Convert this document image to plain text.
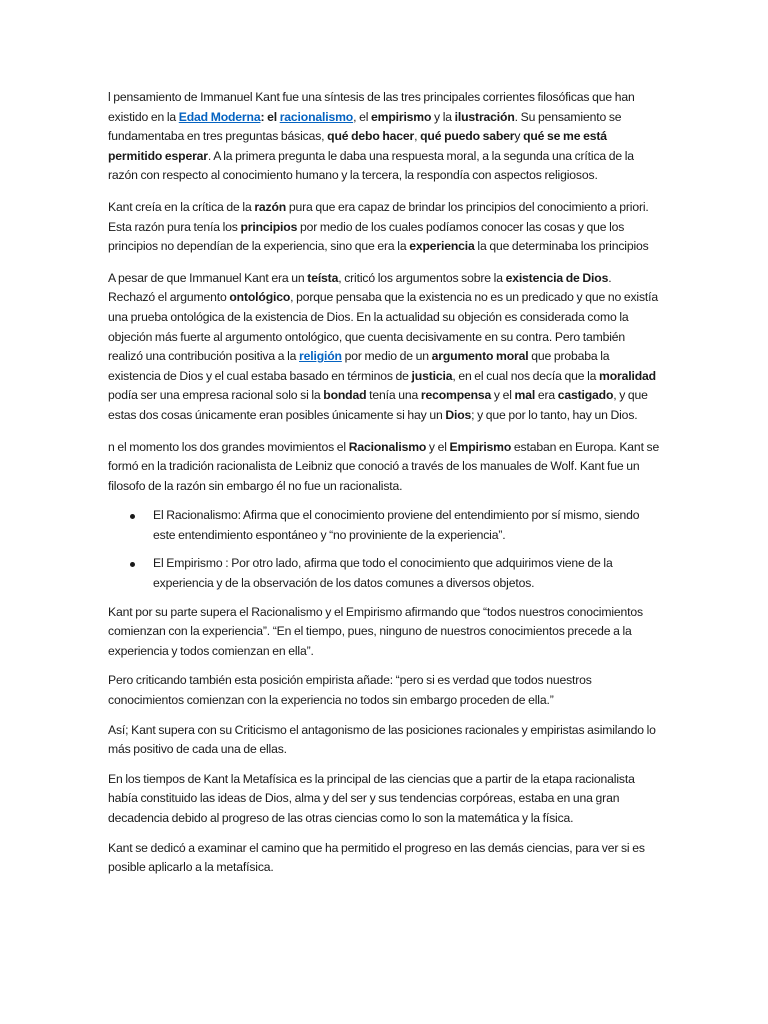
l pensamiento de Immanuel Kant fue una síntesis de las tres principales corrientes filosóficas que han existido en la Edad Moderna: el racionalismo, el empirismo y la ilustración. Su pensamiento se fundamentaba en tres preguntas básicas, qué debo hacer, qué puedo sabery qué se me está permitido esperar. A la primera pregunta le daba una respuesta moral, a la segunda una crítica de la razón con respecto al conocimiento humano y la tercera, la respondía con aspectos religiosos.

Kant creía en la crítica de la razón pura que era capaz de brindar los principios del conocimiento a priori. Esta razón pura tenía los principios por medio de los cuales podíamos conocer las cosas y que los principios no dependían de la experiencia, sino que era la experiencia la que determinaba los principios

A pesar de que Immanuel Kant era un teísta, criticó los argumentos sobre la existencia de Dios. Rechazó el argumento ontológico, porque pensaba que la existencia no es un predicado y que no existía una prueba ontológica de la existencia de Dios. En la actualidad su objeción es considerada como la objeción más fuerte al argumento ontológico, que cuenta decisivamente en su contra. Pero también realizó una contribución positiva a la religión por medio de un argumento moral que probaba la existencia de Dios y el cual estaba basado en términos de justicia, en el cual nos decía que la moralidad podía ser una empresa racional solo si la bondad tenía una recompensa y el mal era castigado, y que estas dos cosas únicamente eran posibles únicamente si hay un Dios; y que por lo tanto, hay un Dios.

n el momento los dos grandes movimientos el Racionalismo y el Empirismo estaban en Europa. Kant se formó en la tradición racionalista de Leibniz que conoció a través de los manuales de Wolf. Kant fue un filosofo de la razón sin embargo él no fue un racionalista.

El Racionalismo: Afirma que el conocimiento proviene del entendimiento por sí mismo, siendo este entendimiento espontáneo y “no proviniente de la experiencia”.
El Empirismo : Por otro lado, afirma que todo el conocimiento que adquirimos viene de la experiencia y de la observación de los datos comunes a diversos objetos.

Kant por su parte supera el Racionalismo y el Empirismo afirmando que “todos nuestros conocimientos comienzan con la experiencia”. “En el tiempo, pues, ninguno de nuestros conocimientos precede a la experiencia y todos comienzan en ella”.

Pero criticando también esta posición empirista añade: “pero si es verdad que todos nuestros conocimientos comienzan con la experiencia no todos sin embargo proceden de ella.”

Así; Kant supera con su Criticismo el antagonismo de las posiciones racionales y empiristas asimilando lo más positivo de cada una de ellas.

En los tiempos de Kant la Metafísica es la principal de las ciencias que a partir de la etapa racionalista había constituido las ideas de Dios, alma y del ser y sus tendencias corpóreas, estaba en una gran decadencia debido al progreso de las otras ciencias como lo son la matemática y la física.

Kant se dedicó a examinar el camino que ha permitido el progreso en las demás ciencias, para ver si es posible aplicarlo a la metafísica.
